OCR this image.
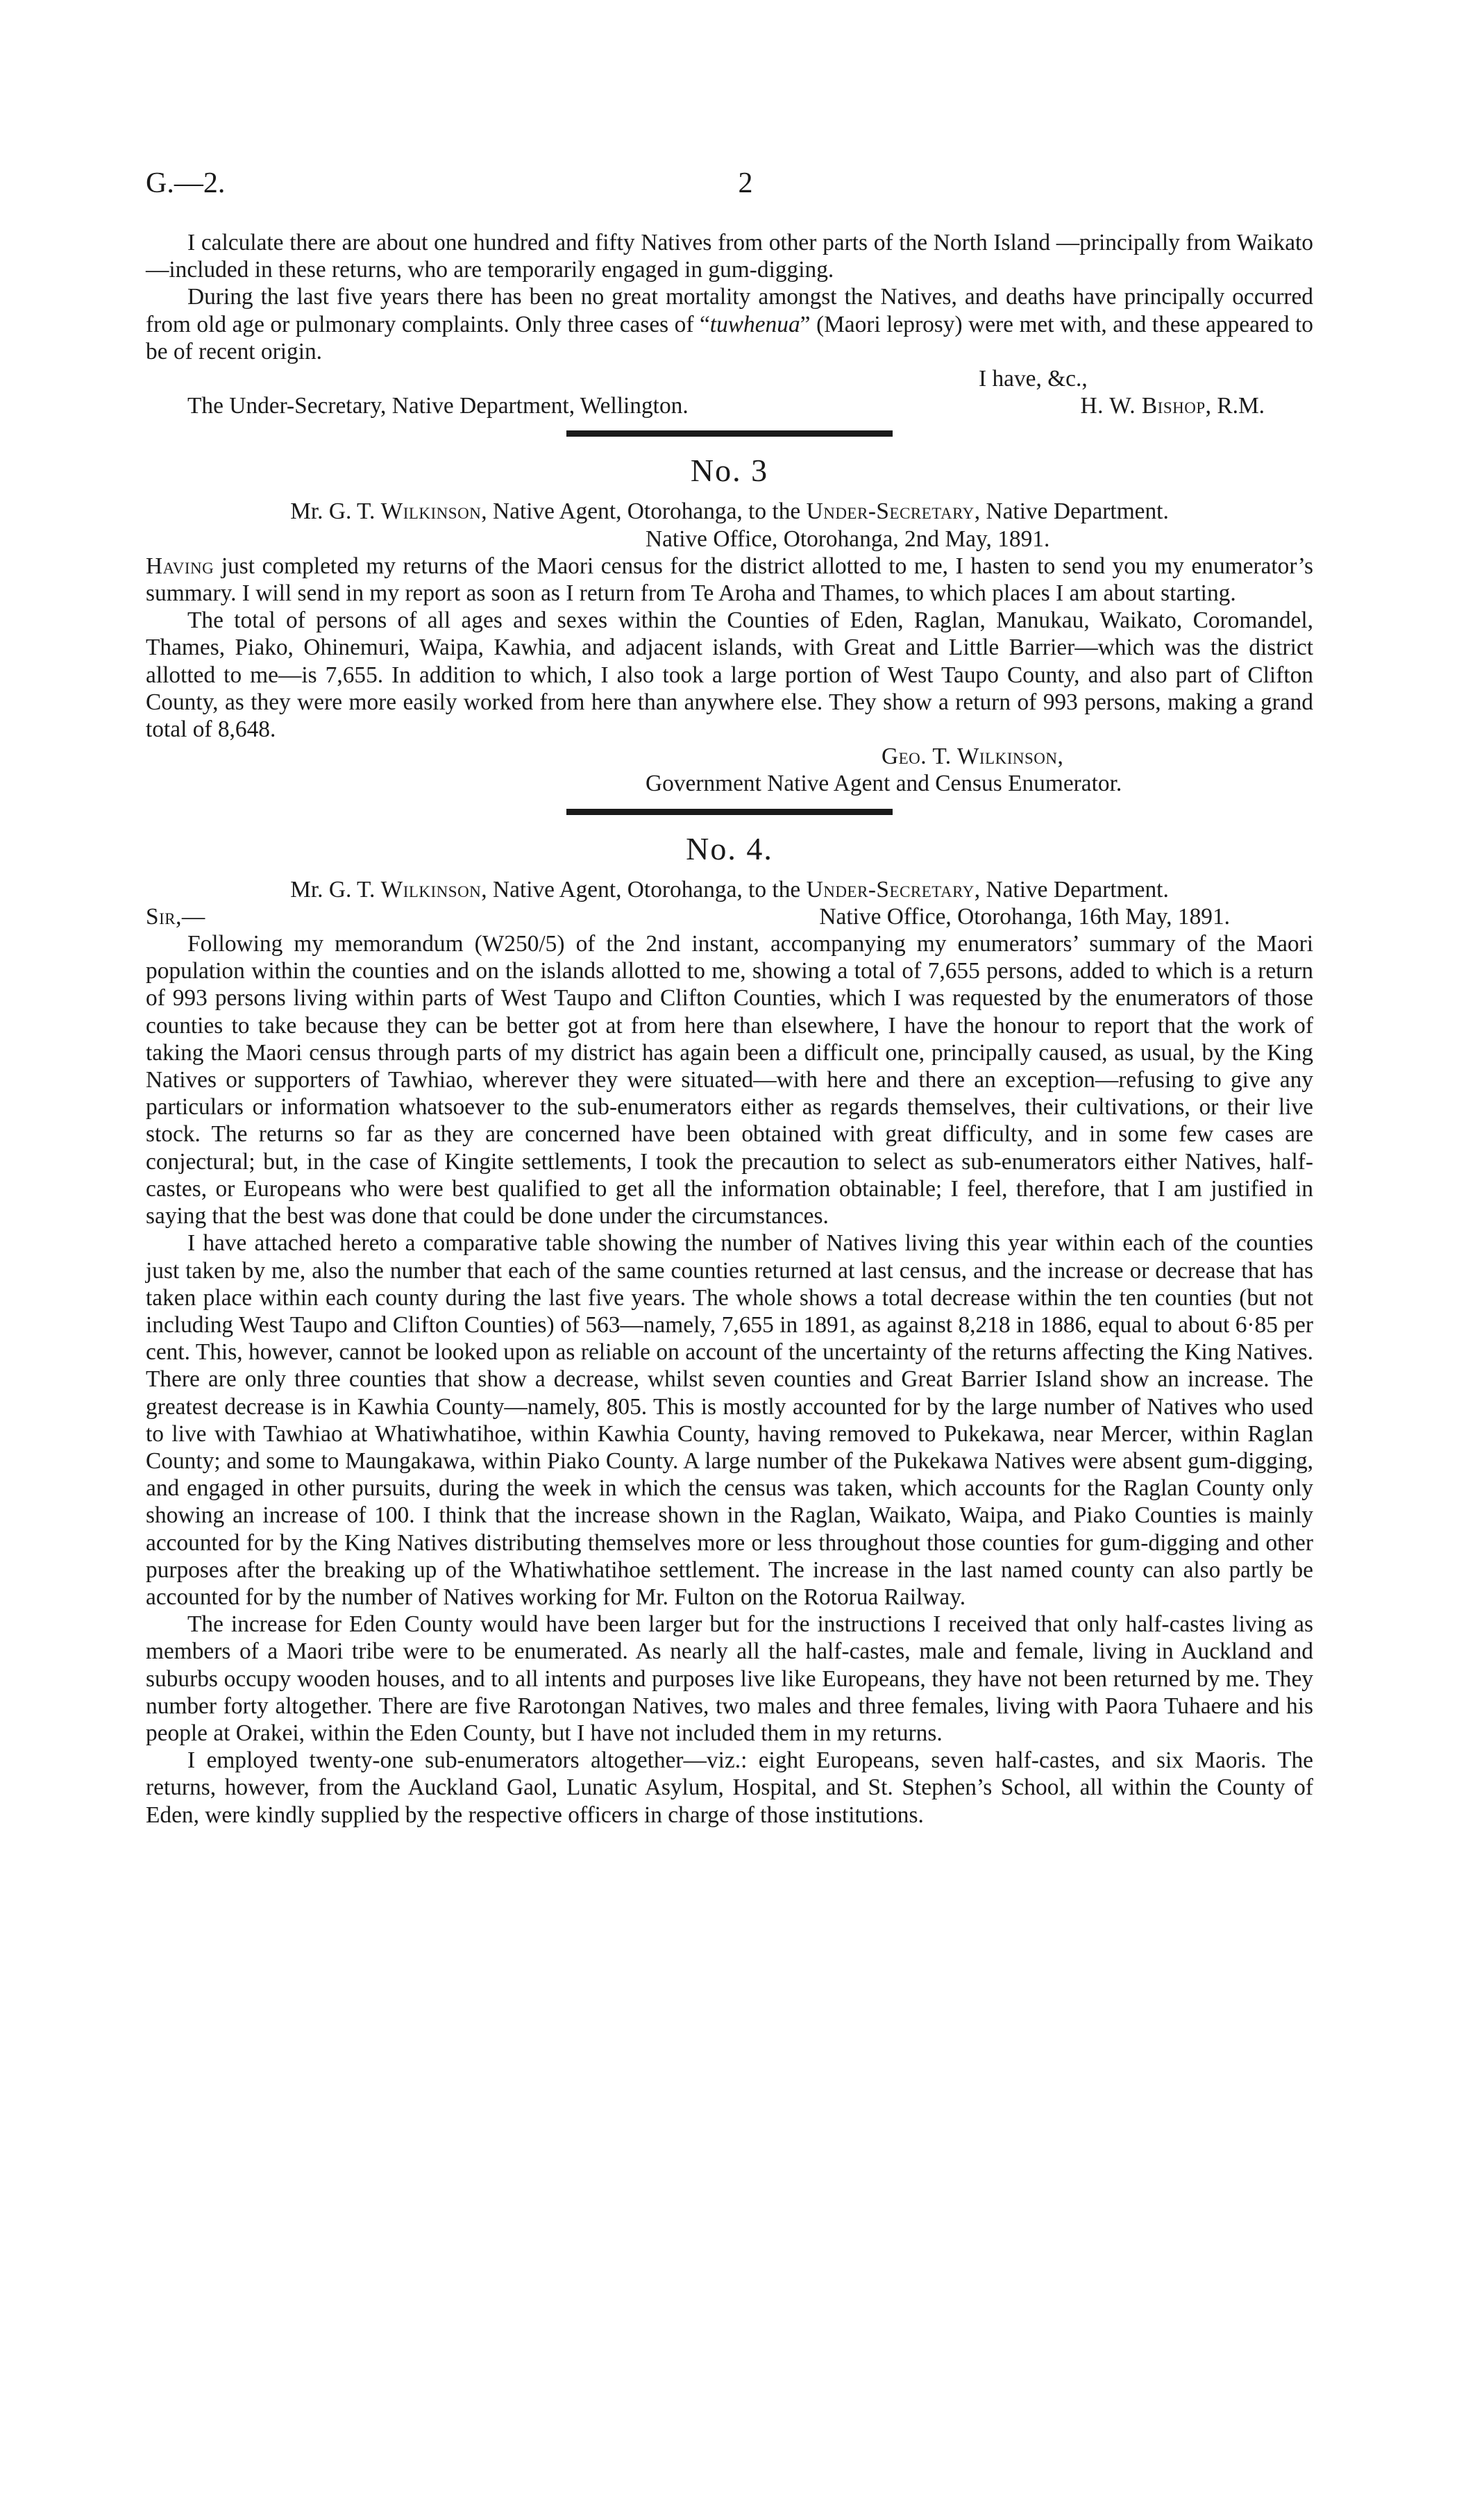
G.—2.	2

I calculate there are about one hundred and fifty Natives from other parts of the North Island —principally from Waikato—included in these returns, who are temporarily engaged in gum-digging.

During the last five years there has been no great mortality amongst the Natives, and deaths have principally occurred from old age or pulmonary complaints. Only three cases of “tuwhenua” (Maori leprosy) were met with, and these appeared to be of recent origin.

I have, &c.,

The Under-Secretary, Native Department, Wellington.	H. W. Bishop, R.M.
No. 3

Mr. G. T. Wilkinson, Native Agent, Otorohanga, to the Under-Secretary, Native Department.

Native Office, Otorohanga, 2nd May, 1891.

Having just completed my returns of the Maori census for the district allotted to me, I hasten to send you my enumerator’s summary. I will send in my report as soon as I return from Te Aroha and Thames, to which places I am about starting.

The total of persons of all ages and sexes within the Counties of Eden, Raglan, Manukau, Waikato, Coromandel, Thames, Piako, Ohinemuri, Waipa, Kawhia, and adjacent islands, with Great and Little Barrier—which was the district allotted to me—is 7,655. In addition to which, I also took a large portion of West Taupo County, and also part of Clifton County, as they were more easily worked from here than anywhere else. They show a return of 993 persons, making a grand total of 8,648.

Geo. T. Wilkinson,

Government Native Agent and Census Enumerator.

No. 4.

Mr. G. T. Wilkinson, Native Agent, Otorohanga, to the Under-Secretary, Native Department.

Sir,—	Native Office, Otorohanga, 16th May, 1891.

Following my memorandum (W250/5) of the 2nd instant, accompanying my enumerators’ summary of the Maori population within the counties and on the islands allotted to me, showing a total of 7,655 persons, added to which is a return of 993 persons living within parts of West Taupo and Clifton Counties, which I was requested by the enumerators of those counties to take because they can be better got at from here than elsewhere, I have the honour to report that the work of taking the Maori census through parts of my district has again been a difficult one, principally caused, as usual, by the King Natives or supporters of Tawhiao, wherever they were situated—with here and there an exception—refusing to give any particulars or information whatsoever to the sub-enumerators either as regards themselves, their cultivations, or their live stock. The returns so far as they are concerned have been obtained with great difficulty, and in some few cases are conjectural; but, in the case of Kingite settlements, I took the precaution to select as sub-enumerators either Natives, half-castes, or Europeans who were best qualified to get all the information obtainable; I feel, therefore, that I am justified in saying that the best was done that could be done under the circumstances.

I have attached hereto a comparative table showing the number of Natives living this year within each of the counties just taken by me, also the number that each of the same counties returned at last census, and the increase or decrease that has taken place within each county during the last five years. The whole shows a total decrease within the ten counties (but not including West Taupo and Clifton Counties) of 563—namely, 7,655 in 1891, as against 8,218 in 1886, equal to about 6·85 per cent. This, however, cannot be looked upon as reliable on account of the uncertainty of the returns affecting the King Natives. There are only three counties that show a decrease, whilst seven counties and Great Barrier Island show an increase. The greatest decrease is in Kawhia County—namely, 805. This is mostly accounted for by the large number of Natives who used to live with Tawhiao at Whatiwhatihoe, within Kawhia County, having removed to Pukekawa, near Mercer, within Raglan County; and some to Maungakawa, within Piako County. A large number of the Pukekawa Natives were absent gum-digging, and engaged in other pursuits, during the week in which the census was taken, which accounts for the Raglan County only showing an increase of 100. I think that the increase shown in the Raglan, Waikato, Waipa, and Piako Counties is mainly accounted for by the King Natives distributing themselves more or less throughout those counties for gum-digging and other purposes after the breaking up of the Whatiwhatihoe settlement. The increase in the last named county can also partly be accounted for by the number of Natives working for Mr. Fulton on the Rotorua Railway.

The increase for Eden County would have been larger but for the instructions I received that only half-castes living as members of a Maori tribe were to be enumerated. As nearly all the half-castes, male and female, living in Auckland and suburbs occupy wooden houses, and to all intents and purposes live like Europeans, they have not been returned by me. They number forty altogether. There are five Rarotongan Natives, two males and three females, living with Paora Tuhaere and his people at Orakei, within the Eden County, but I have not included them in my returns.

I employed twenty-one sub-enumerators altogether—viz.: eight Europeans, seven half-castes, and six Maoris. The returns, however, from the Auckland Gaol, Lunatic Asylum, Hospital, and St. Stephen’s School, all within the County of Eden, were kindly supplied by the respective officers in charge of those institutions.
